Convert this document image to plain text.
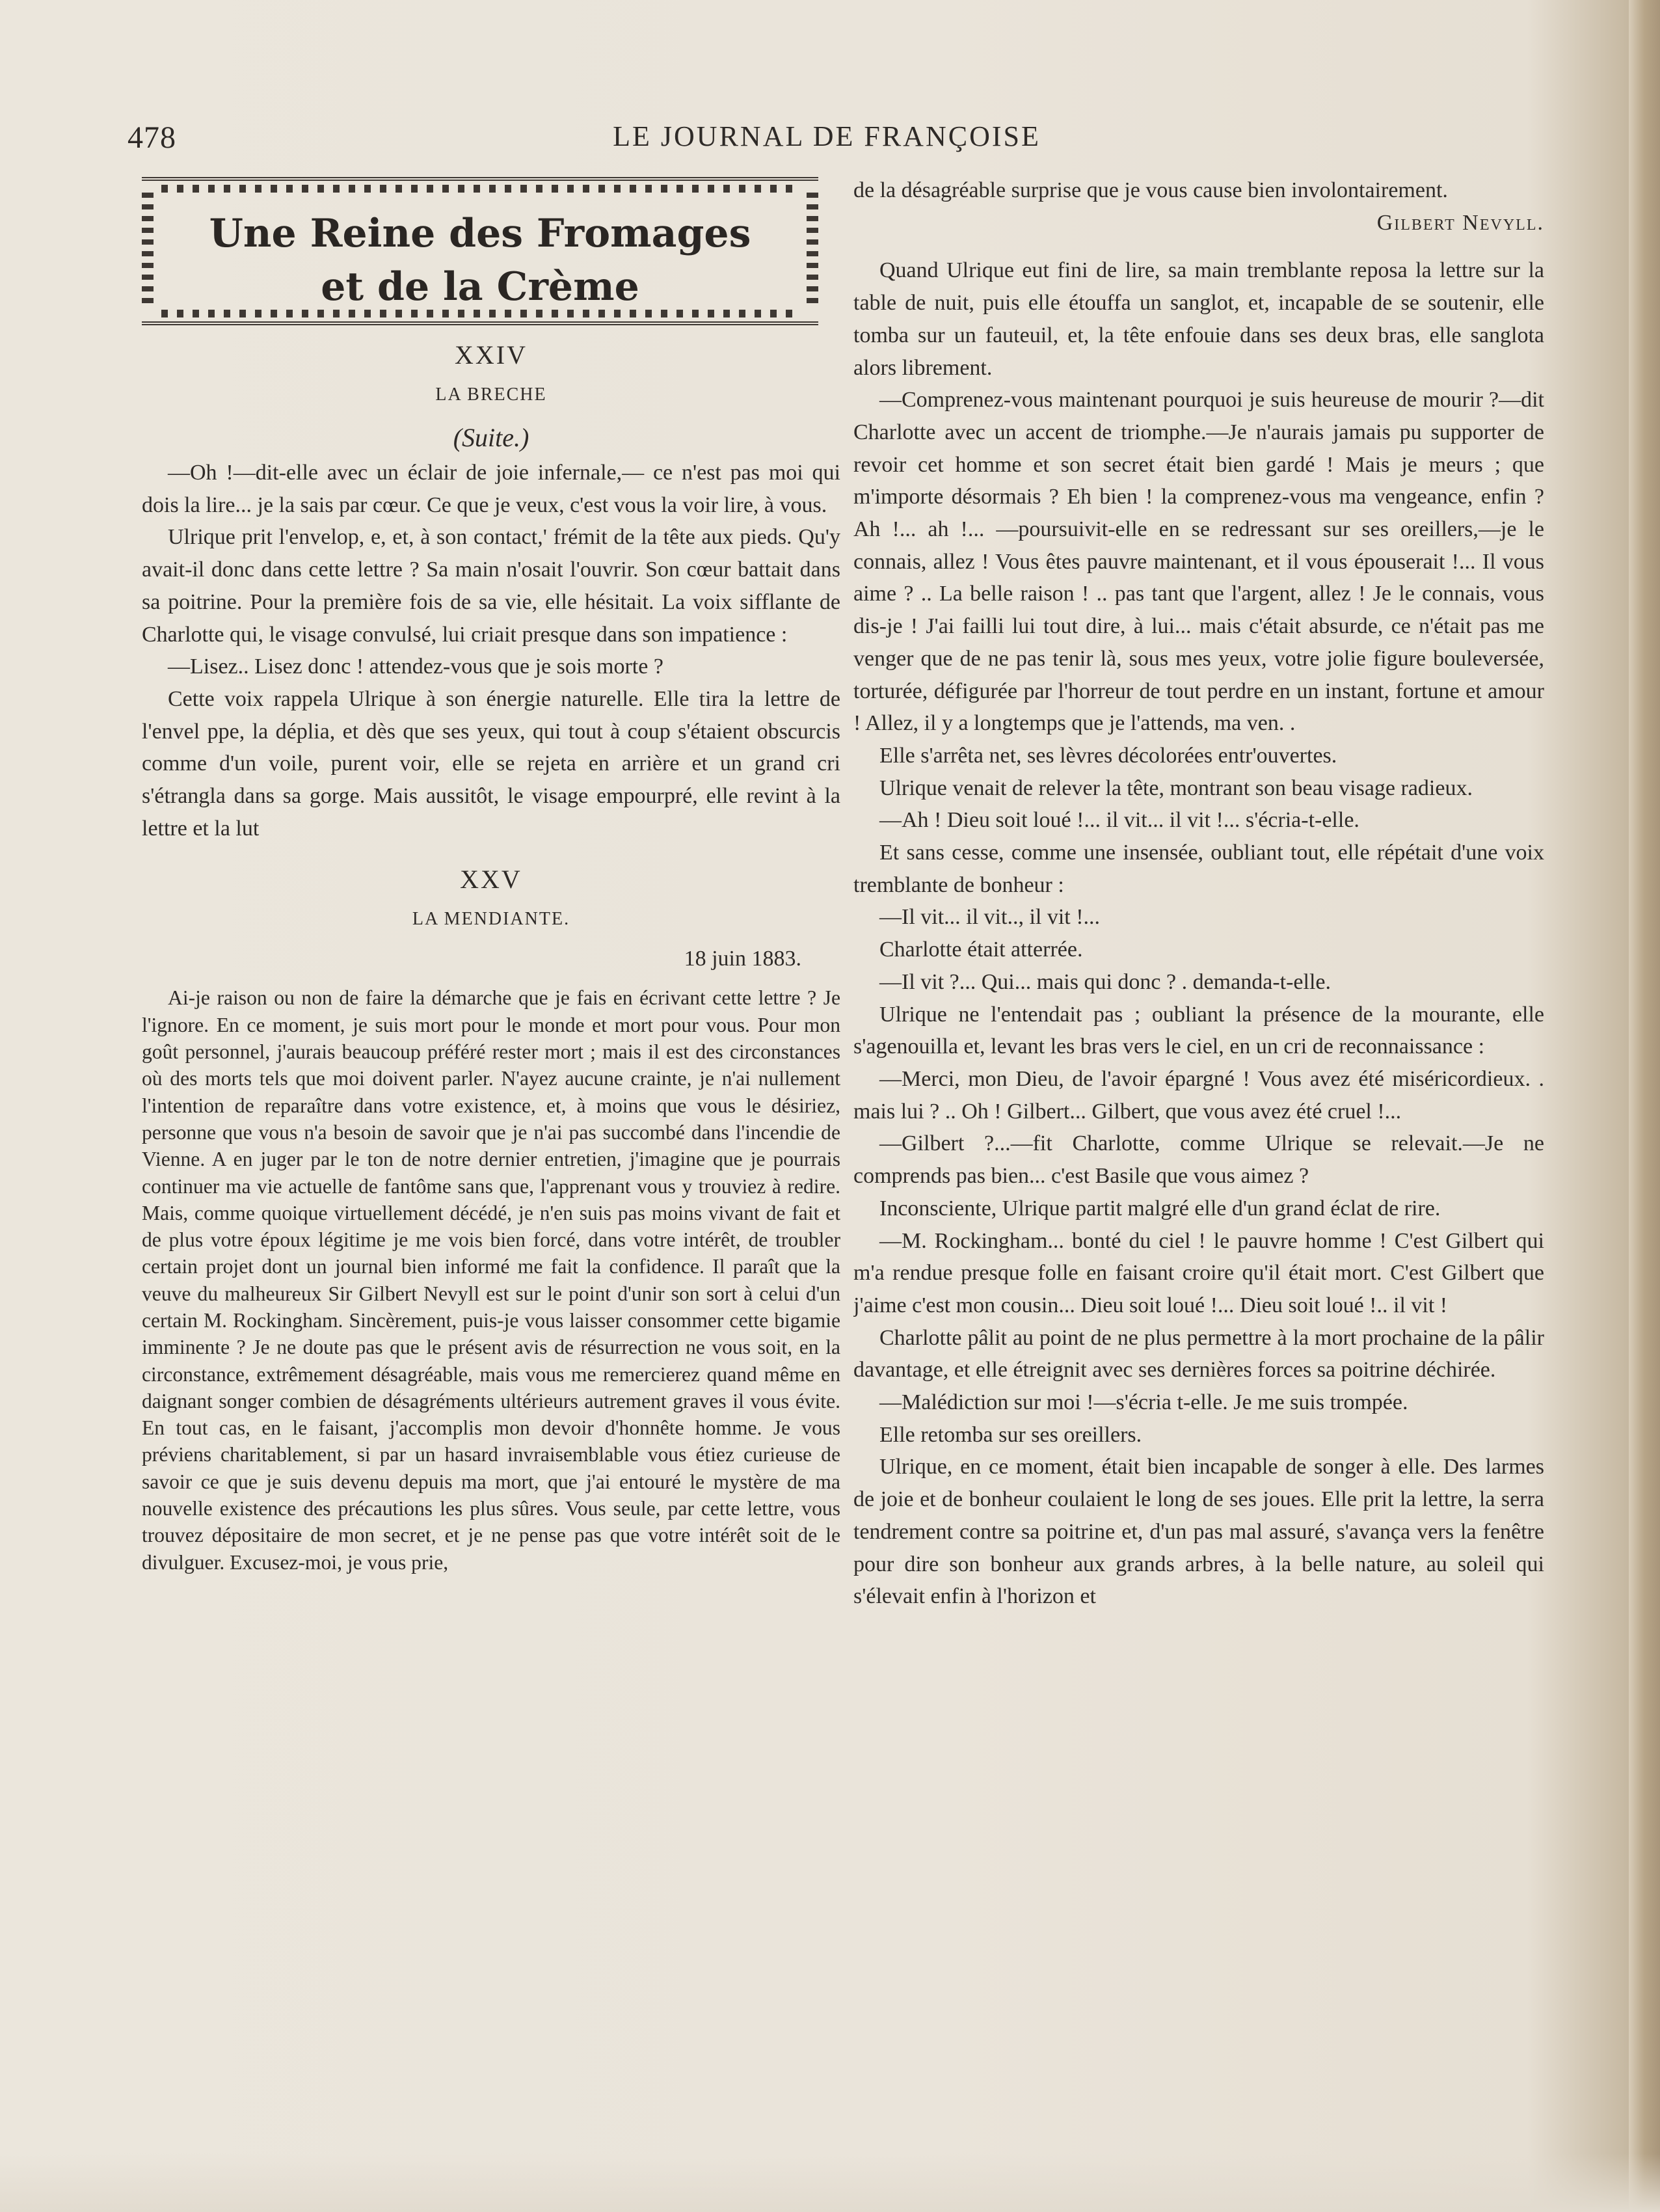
478	LE JOURNAL DE FRANÇOISE
Une Reine des Fromages
et de la Crème
XXIV
LA BRECHE
(Suite.)

—Oh !—dit-elle avec un éclair de joie infernale,— ce n'est pas moi qui dois la lire... je la sais par cœur. Ce que je veux, c'est vous la voir lire, à vous.

Ulrique prit l'envelop, e, et, à son contact,' frémit de la tête aux pieds. Qu'y avait-il donc dans cette lettre ? Sa main n'osait l'ouvrir. Son cœur battait dans sa poitrine. Pour la première fois de sa vie, elle hésitait. La voix sifflante de Charlotte qui, le visage convulsé, lui criait presque dans son impatience :

—Lisez.. Lisez donc ! attendez-vous que je sois morte ?

Cette voix rappela Ulrique à son énergie naturelle. Elle tira la lettre de l'envel ppe, la déplia, et dès que ses yeux, qui tout à coup s'étaient obscurcis comme d'un voile, purent voir, elle se rejeta en arrière et un grand cri s'étrangla dans sa gorge. Mais aussitôt, le visage empourpré, elle revint à la lettre et la lut

XXV
LA MENDIANTE.
18 juin 1883.

Ai-je raison ou non de faire la démarche que je fais en écrivant cette lettre ? Je l'ignore. En ce moment, je suis mort pour le monde et mort pour vous. Pour mon goût personnel, j'aurais beaucoup préféré rester mort ; mais il est des circonstances où des morts tels que moi doivent parler. N'ayez aucune crainte, je n'ai nullement l'intention de reparaître dans votre existence, et, à moins que vous le désiriez, personne que vous n'a besoin de savoir que je n'ai pas succombé dans l'incendie de Vienne. A en juger par le ton de notre dernier entretien, j'imagine que je pourrais continuer ma vie actuelle de fantôme sans que, l'apprenant vous y trouviez à redire. Mais, comme quoique virtuellement décédé, je n'en suis pas moins vivant de fait et de plus votre époux légitime je me vois bien forcé, dans votre intérêt, de troubler certain projet dont un journal bien informé me fait la confidence. Il paraît que la veuve du malheureux Sir Gilbert Nevyll est sur le point d'unir son sort à celui d'un certain M. Rockingham. Sincèrement, puis-je vous laisser consommer cette bigamie imminente ? Je ne doute pas que le présent avis de résurrection ne vous soit, en la circonstance, extrêmement désagréable, mais vous me remercierez quand même en daignant songer combien de désagréments ultérieurs autrement graves il vous évite. En tout cas, en le faisant, j'accomplis mon devoir d'honnête homme. Je vous préviens charitablement, si par un hasard invraisemblable vous étiez curieuse de savoir ce que je suis devenu depuis ma mort, que j'ai entouré le mystère de ma nouvelle existence des précautions les plus sûres. Vous seule, par cette lettre, vous trouvez dépositaire de mon secret, et je ne pense pas que votre intérêt soit de le divulguer. Excusez-moi, je vous prie,

de la désagréable surprise que je vous cause bien involontairement.
Gilbert Nevyll.

Quand Ulrique eut fini de lire, sa main tremblante reposa la lettre sur la table de nuit, puis elle étouffa un sanglot, et, incapable de se soutenir, elle tomba sur un fauteuil, et, la tête enfouie dans ses deux bras, elle sanglota alors librement.

—Comprenez-vous maintenant pourquoi je suis heureuse de mourir ?—dit Charlotte avec un accent de triomphe.—Je n'aurais jamais pu supporter de revoir cet homme et son secret était bien gardé ! Mais je meurs ; que m'importe désormais ? Eh bien ! la comprenez-vous ma vengeance, enfin ? Ah !... ah !... —poursuivit-elle en se redressant sur ses oreillers,—je le connais, allez ! Vous êtes pauvre maintenant, et il vous épouserait !... Il vous aime ? .. La belle raison ! .. pas tant que l'argent, allez ! Je le connais, vous dis-je ! J'ai failli lui tout dire, à lui... mais c'était absurde, ce n'était pas me venger que de ne pas tenir là, sous mes yeux, votre jolie figure bouleversée, torturée, défigurée par l'horreur de tout perdre en un instant, fortune et amour ! Allez, il y a longtemps que je l'attends, ma ven. .

Elle s'arrêta net, ses lèvres décolorées entr'ouvertes.

Ulrique venait de relever la tête, montrant son beau visage radieux.

—Ah ! Dieu soit loué !... il vit... il vit !... s'écria-t-elle.

Et sans cesse, comme une insensée, oubliant tout, elle répétait d'une voix tremblante de bonheur :

—Il vit... il vit.., il vit !...

Charlotte était atterrée.

—Il vit ?... Qui... mais qui donc ? . demanda-t-elle.

Ulrique ne l'entendait pas ; oubliant la présence de la mourante, elle s'agenouilla et, levant les bras vers le ciel, en un cri de reconnaissance :

—Merci, mon Dieu, de l'avoir épargné ! Vous avez été miséricordieux. . mais lui ? .. Oh ! Gilbert... Gilbert, que vous avez été cruel !...

—Gilbert ?...—fit Charlotte, comme Ulrique se relevait.—Je ne comprends pas bien... c'est Basile que vous aimez ?

Inconsciente, Ulrique partit malgré elle d'un grand éclat de rire.

—M. Rockingham... bonté du ciel ! le pauvre homme ! C'est Gilbert qui m'a rendue presque folle en faisant croire qu'il était mort. C'est Gilbert que j'aime c'est mon cousin... Dieu soit loué !... Dieu soit loué !.. il vit !

Charlotte pâlit au point de ne plus permettre à la mort prochaine de la pâlir davantage, et elle étreignit avec ses dernières forces sa poitrine déchirée.

—Malédiction sur moi !—s'écria t-elle. Je me suis trompée.

Elle retomba sur ses oreillers.

Ulrique, en ce moment, était bien incapable de songer à elle. Des larmes de joie et de bonheur coulaient le long de ses joues. Elle prit la lettre, la serra tendrement contre sa poitrine et, d'un pas mal assuré, s'avança vers la fenêtre pour dire son bonheur aux grands arbres, à la belle nature, au soleil qui s'élevait enfin à l'horizon et
